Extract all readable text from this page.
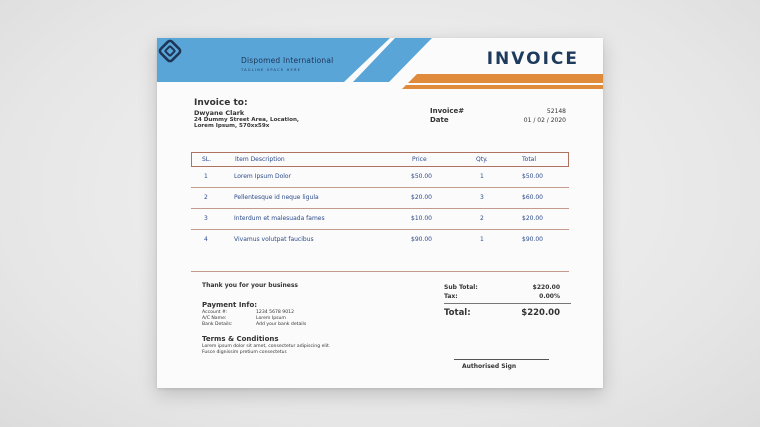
Dispomed International
TAGLINE SPACE HERE
INVOICE
Invoice to:
Dwyane Clark
24 Dummy Street Area, Location, Lorem Ipsum, 570xx59x
Invoice#	52148
Date	01 / 02 / 2020
SL.	Item Description	Price	Qty.	Total
1	Lorem Ipsum Dolor	$50.00	1	$50.00
2	Pellentesque id neque ligula	$20.00	3	$60.00
3	Interdum et malesuada fames	$10.00	2	$20.00
4	Vivamus volutpat faucibus	$90.00	1	$90.00
Thank you for your business
Payment Info:
Account #:	1234 5678 9012
A/C Name:	Lorem Ipsum
Bank Details:	Add your bank details
Terms & Conditions
Lorem ipsum dolor sit amet, consectetur adipiscing elit. Fusce dignissim pretium consectetur.
Sub Total:	$220.00
Tax:	0.00%
Total:	$220.00
Authorised Sign
